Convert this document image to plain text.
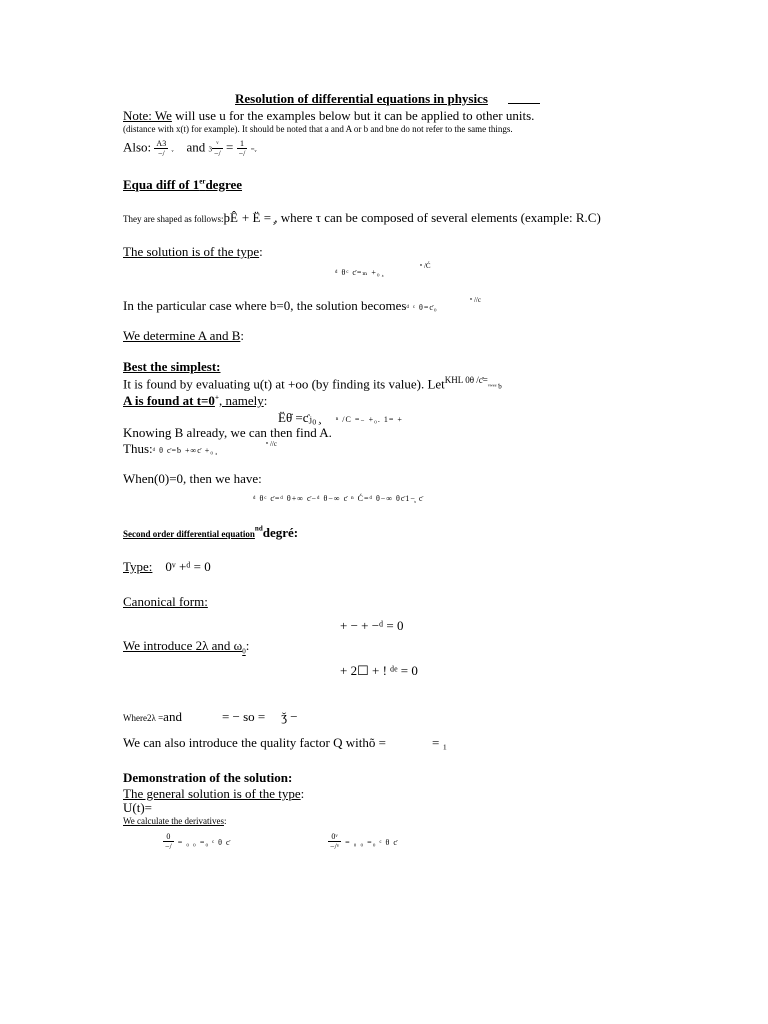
Resolution of differential equations in physics
Note: We will use u for the examples below but it can be applied to other units.
(distance with x(t) for example). It should be noted that a and A or b and bne do not refer to the same things.
Also: $\frac{A3}{-/}$ ᵥ and $3 \frac{\text{ᵛ}}{-/} = \frac{1}{-/}$ =ᵥ
Equa diff of 1erdegree
They are shaped as follows:þÊ + Ë = ̧, where τ can be composed of several elements (example: R.C)
The solution is of the type:
ᵈ θᶜ ƈ=ₘ +₀ ̧
ⁿ /Ć
In the particular case where b=0, the solution becomesᵈ ᶜ θ=ƈ₀
ⁿ //c
We determine A and B:
Best the simplest:
It is found by evaluating u(t) at +oo (by finding its value). Let$^{KHL 0\theta /ƈ=}$ᵛʷᵉᵉ ƅ
A is found at t=0+, namely:
Ëθ̇ =ƈⱼ₀ ̧ ⁿ /C =₋ +₀. 1= +
Knowing B already, we can then find A.
Thus:ᵈ θ ƈ=ƅ +∞ƈ +₀ ̧
ⁿ //c
When(0)=0, then we have:
ᵈ θᶜ ƈ=ᵈ θ+∞ ƈ−ᵈ θ−∞ ƈ ⁿ Ć=ᵈ θ−∞ θƈ1−̧ ƈ
Second order differential equation$^{nd}$degré:
Type: 0ᵛ +ᵈ = 0
Canonical form:
+ − + −ᵈ = 0
We introduce 2λ and $\omega_0$:
+ 2☐ + ! ᵈᵉ = 0
Where2λ =and	= − so = ǯ −
We can also introduce the quality factor Q withõ =	= ₁
Demonstration of the solution:
The general solution is of the type:
U(t)=
We calculate the derivatives:
$\frac{0}{-/} = _0$ ₀ =₀ ᶜ θ ƈ	$\frac{\text{0ᵛ}}{\text{−/ᵛ}} = _0$ ₀ =₀ ᶜ θ ƈ
